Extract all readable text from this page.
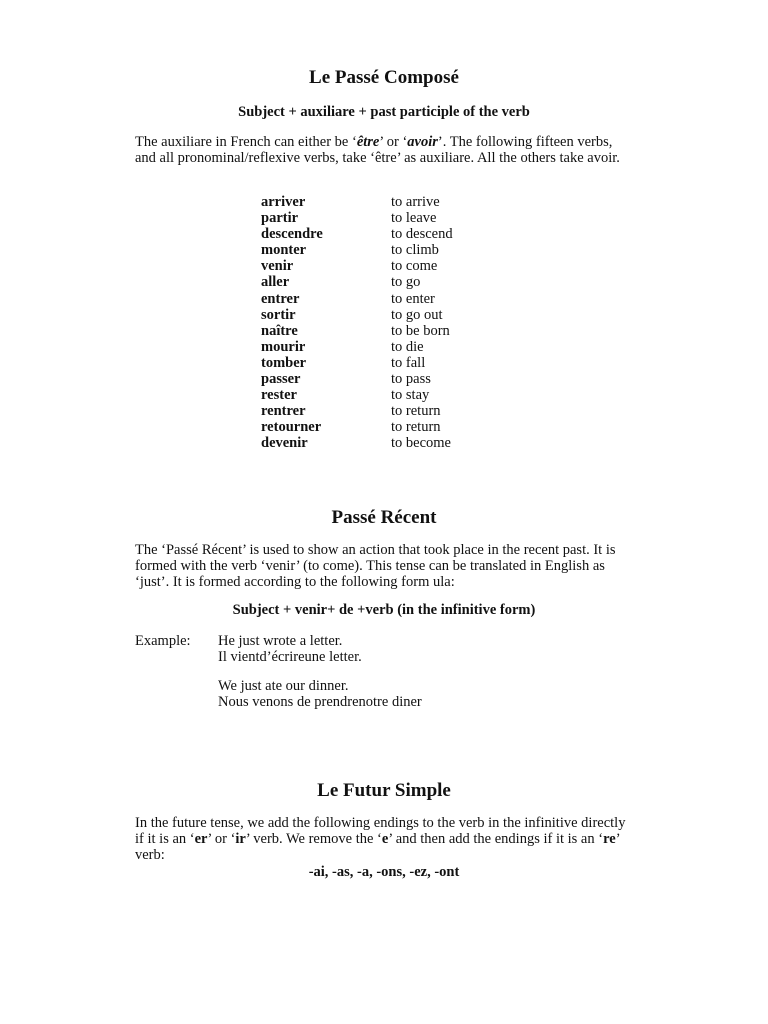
Le Passé Composé
Subject + auxiliare + past participle of the verb
The auxiliare in French can either be ‘être’ or ‘avoir’. The following fifteen verbs, and all pronominal/reflexive verbs, take ‘être’ as auxiliare. All the others take avoir.
arriver	to arrive
partir	to leave
descendre	to descend
monter	to climb
venir	to come
aller	to go
entrer	to enter
sortir	to go out
naître	to be born
mourir	to die
tomber	to fall
passer	to pass
rester	to stay
rentrer	to return
retourner	to return
devenir	to become
Passé Récent
The ‘Passé Récent’ is used to show an action that took place in the recent past. It is formed with the verb ‘venir’ (to come). This tense can be translated in English as ‘just’. It is formed according to the following form ula:
Subject + venir+ de +verb (in the infinitive form)
Example: He just wrote a letter.
Il vientd’écrireune letter.
We just ate our dinner.
Nous venons de prendrenotre diner
Le Futur Simple
In the future tense, we add the following endings to the verb in the infinitive directly if it is an ‘er’ or ‘ir’ verb. We remove the ‘e’ and then add the endings if it is an ‘re’ verb:
-ai, -as, -a, -ons, -ez, -ont
